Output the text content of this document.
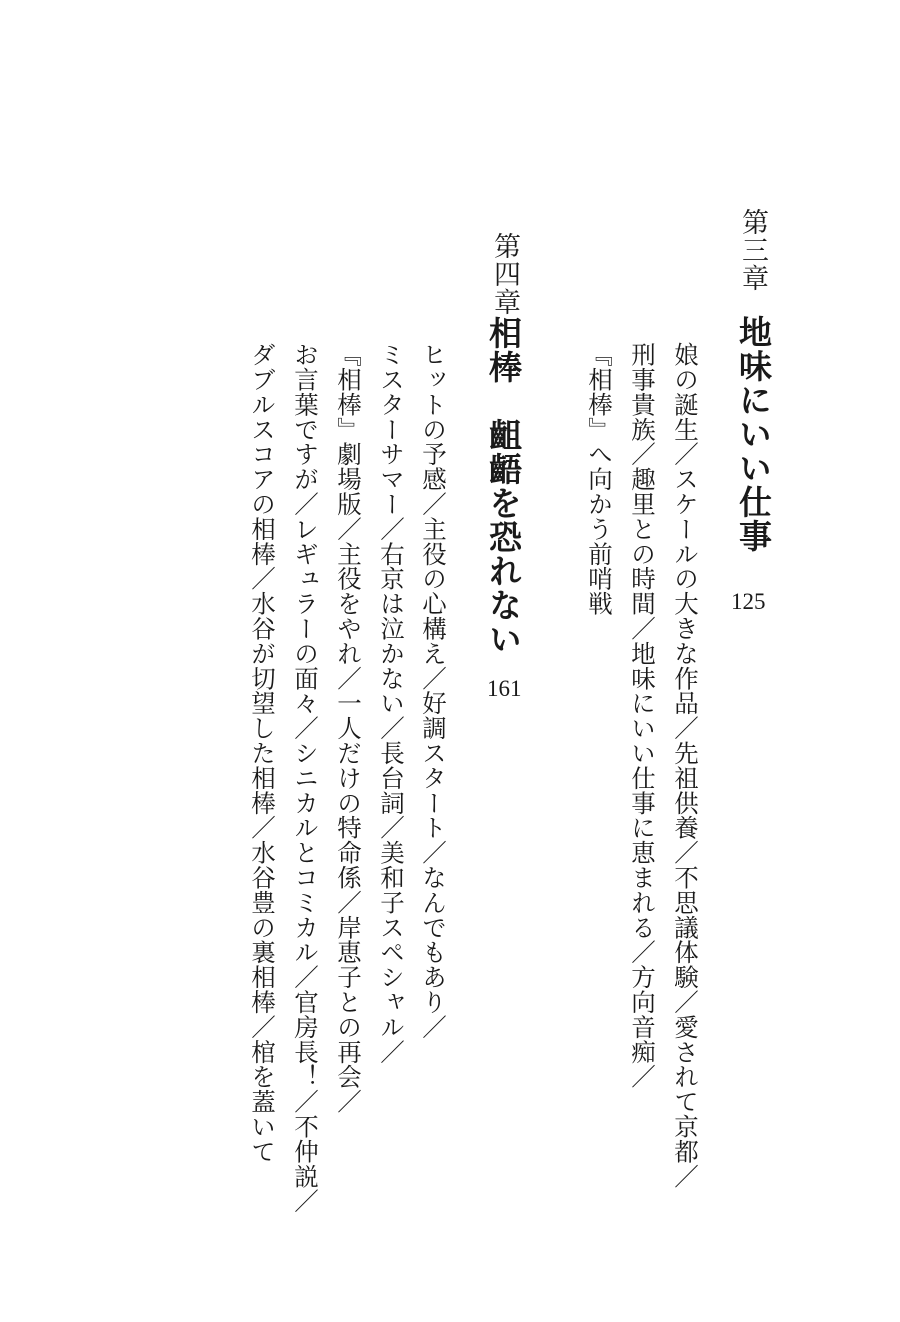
第三章
地味にいい仕事
125
娘の誕生／スケールの大きな作品／先祖供養／不思議体験／愛されて京都／
刑事貴族／趣里との時間／地味にいい仕事に恵まれる／方向音痴／
『相棒』へ向かう前哨戦
第四章
相棒　齟齬を恐れない
161
ヒットの予感／主役の心構え／好調スタート／なんでもあり／
ミスターサマー／右京は泣かない／長台詞／美和子スペシャル／
『相棒』劇場版／主役をやれ／一人だけの特命係／岸恵子との再会／
お言葉ですが／レギュラーの面々／シニカルとコミカル／官房長！／不仲説／
ダブルスコアの相棒／水谷が切望した相棒／水谷豊の裏相棒／棺を蓋いて
